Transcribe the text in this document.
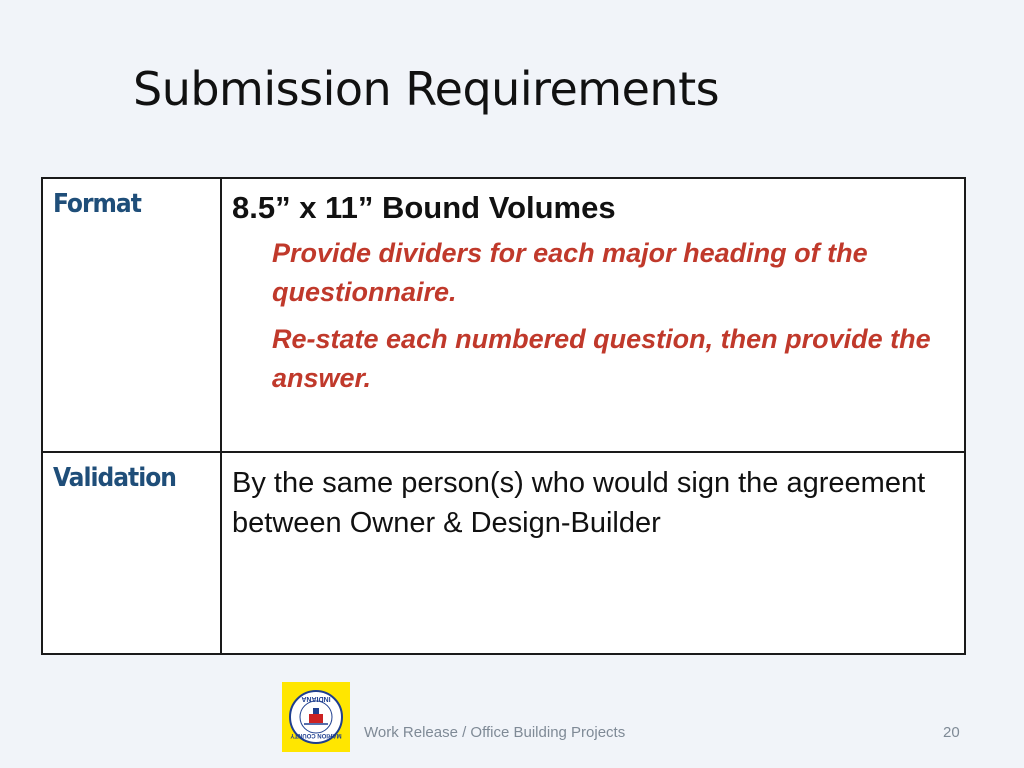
Submission Requirements
Format	8.5” x 11” Bound Volumes
Provide dividers for each major heading of the questionnaire.
Re-state each numbered question, then provide the answer.

Validation	By the same person(s) who would sign the agreement between Owner & Design-Builder
INDIANA
MARION COUNTY Work Release / Office Building Projects	20
